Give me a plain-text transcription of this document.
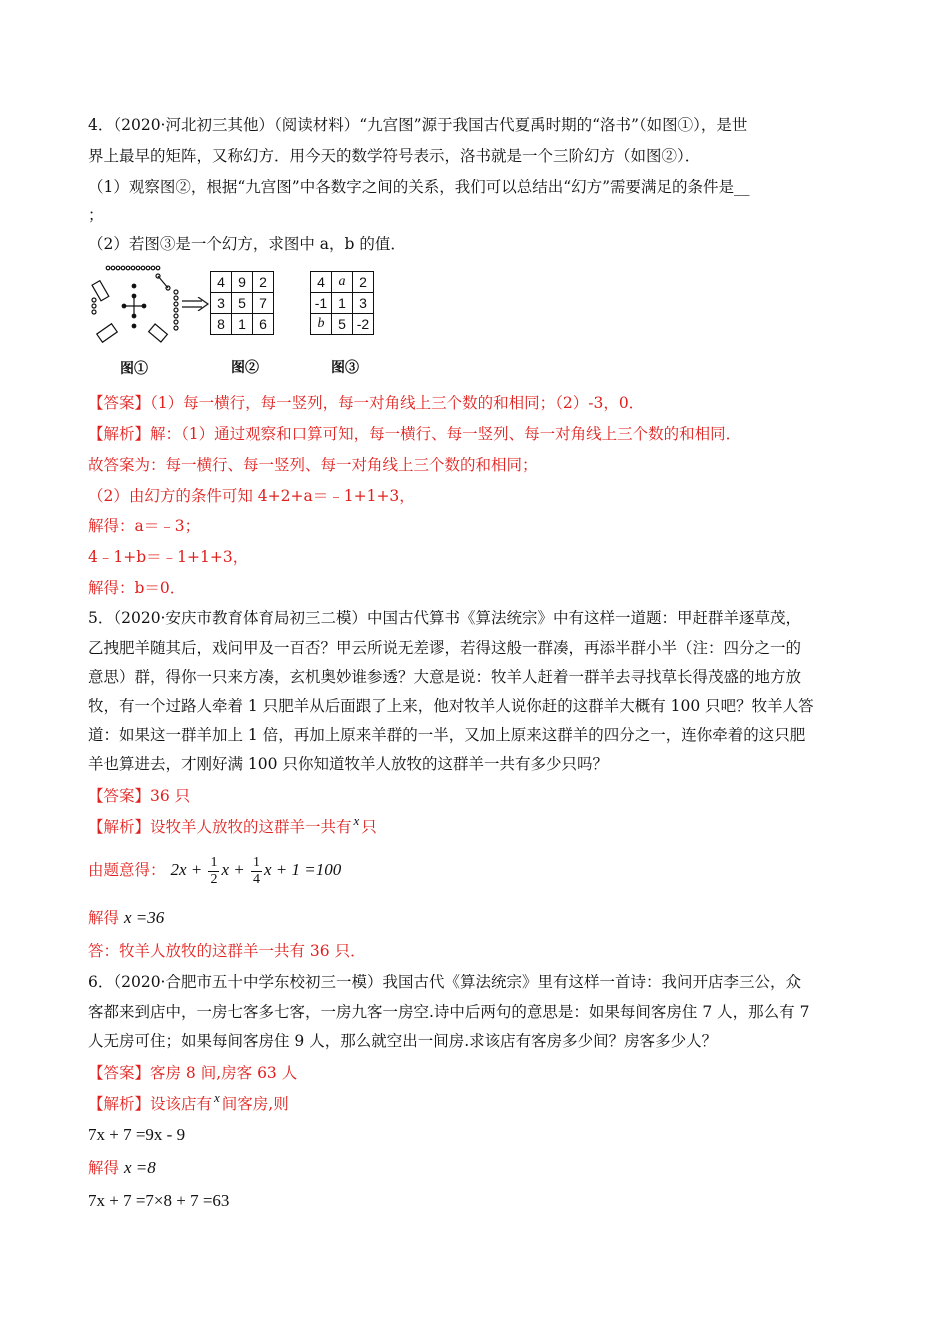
4．（2020·河北初三其他）（阅读材料）“九宫图”源于我国古代夏禹时期的“洛书”（如图①），是世
界上最早的矩阵，又称幻方．用今天的数学符号表示，洛书就是一个三阶幻方（如图②）．
（1）观察图②，根据“九宫图”中各数字之间的关系，我们可以总结出“幻方”需要满足的条件是__
；
（2）若图③是一个幻方，求图中 a，b 的值．
图①
4	9	2
3	5	7
8	1	6
图②
4	a	2
-1	1	3
b	5	-2
图③
【答案】（1）每一横行，每一竖列，每一对角线上三个数的和相同；（2）-3，0．
【解析】解：（1）通过观察和口算可知，每一横行、每一竖列、每一对角线上三个数的和相同．
故答案为：每一横行、每一竖列、每一对角线上三个数的和相同；
（2）由幻方的条件可知 4+2+a＝﹣1+1+3，
解得：a＝﹣3；
4﹣1+b＝﹣1+1+3，
解得：b＝0．
5．（2020·安庆市教育体育局初三二模）中国古代算书《算法统宗》中有这样一道题：甲赶群羊逐草茂，
乙拽肥羊随其后，戏问甲及一百否？甲云所说无差谬，若得这般一群凑，再添半群小半（注：四分之一的
意思）群，得你一只来方凑，玄机奥妙谁参透？大意是说：牧羊人赶着一群羊去寻找草长得茂盛的地方放
牧，有一个过路人牵着 1 只肥羊从后面跟了上来，他对牧羊人说你赶的这群羊大概有 100 只吧？牧羊人答
道：如果这一群羊加上 1 倍，再加上原来羊群的一半，又加上原来这群羊的四分之一，连你牵着的这只肥
羊也算进去，才刚好满 100 只你知道牧羊人放牧的这群羊一共有多少只吗？
【答案】36 只
【解析】设牧羊人放牧的这群羊一共有 $^x$ 只
由题意得： $2x + \frac{1}{2}$ $x + \frac{1}{4}$ x + 1 =100
解得 x =36
答：牧羊人放牧的这群羊一共有 36 只．
6．（2020·合肥市五十中学东校初三一模）我国古代《算法统宗》里有这样一首诗：我问开店李三公，众
客都来到店中，一房七客多七客，一房九客一房空.诗中后两句的意思是：如果每间客房住 7 人，那么有 7
人无房可住；如果每间客房住 9 人，那么就空出一间房.求该店有客房多少间？房客多少人？
【答案】客房 8 间,房客 63 人
【解析】设该店有 $^x$ 间客房,则
7x + 7 =9x - 9
解得 x =8
7x + 7 =7×8 + 7 =63
